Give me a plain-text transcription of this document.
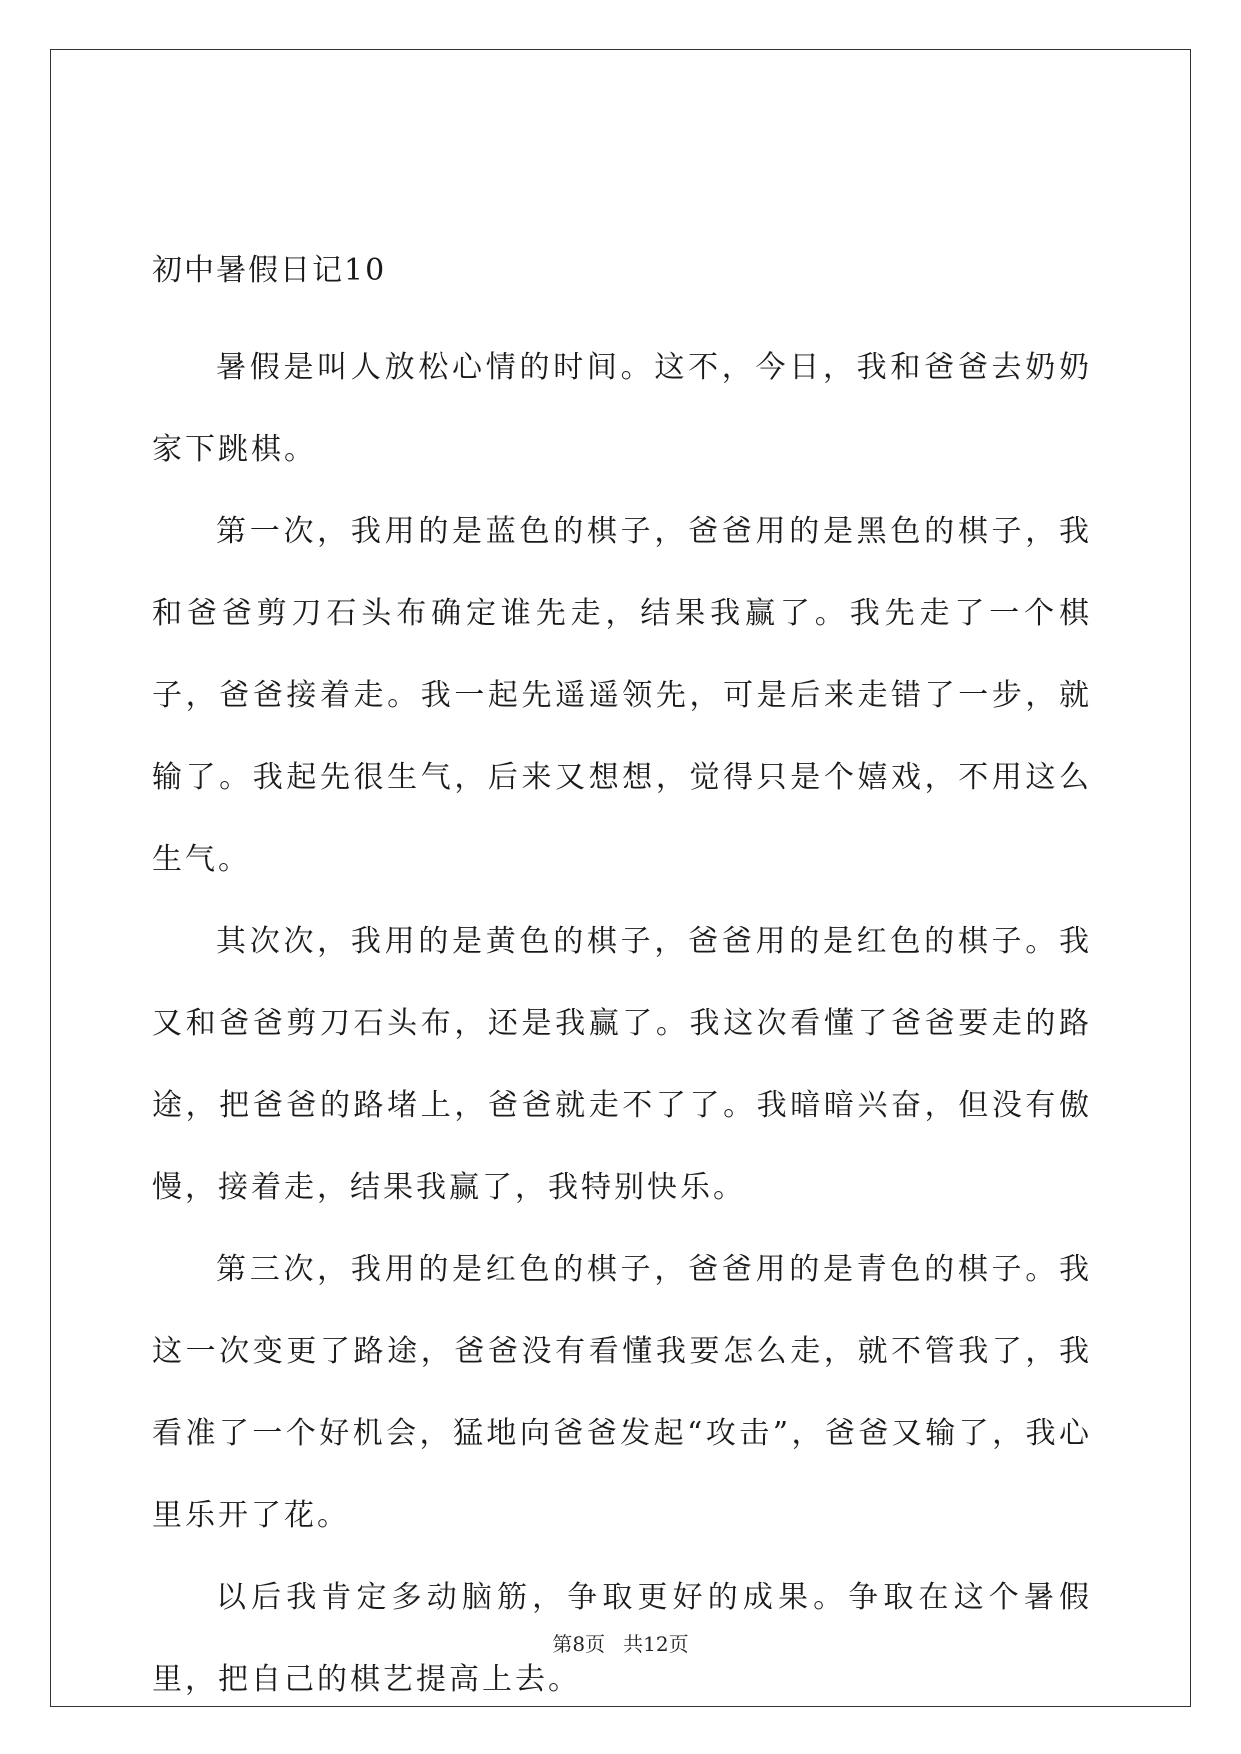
初中暑假日记10

暑假是叫人放松心情的时间。这不，今日，我和爸爸去奶奶家下跳棋。

第一次，我用的是蓝色的棋子，爸爸用的是黑色的棋子，我和爸爸剪刀石头布确定谁先走，结果我赢了。我先走了一个棋子，爸爸接着走。我一起先遥遥领先，可是后来走错了一步，就输了。我起先很生气，后来又想想，觉得只是个嬉戏，不用这么生气。

其次次，我用的是黄色的棋子，爸爸用的是红色的棋子。我又和爸爸剪刀石头布，还是我赢了。我这次看懂了爸爸要走的路途，把爸爸的路堵上，爸爸就走不了了。我暗暗兴奋，但没有傲慢，接着走，结果我赢了，我特别快乐。

第三次，我用的是红色的棋子，爸爸用的是青色的棋子。我这一次变更了路途，爸爸没有看懂我要怎么走，就不管我了，我看准了一个好机会，猛地向爸爸发起“攻击”，爸爸又输了，我心里乐开了花。

以后我肯定多动脑筋，争取更好的成果。争取在这个暑假里，把自己的棋艺提高上去。

第8页 共12页
